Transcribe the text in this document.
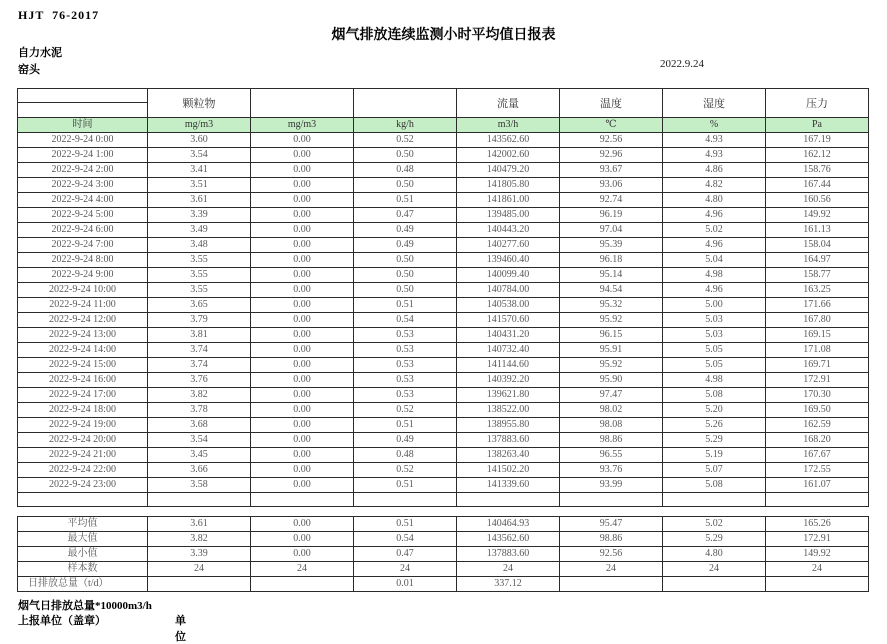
HJT  76-2017
烟气排放连续监测小时平均值日报表
自力水泥
窑头	2022.9.24
	颗粒物			流量	温度	湿度	压力
时间	mg/m3	mg/m3	kg/h	m3/h	℃	%	Pa
2022-9-24 0:00	3.60	0.00	0.52	143562.60	92.56	4.93	167.19
2022-9-24 1:00	3.54	0.00	0.50	142002.60	92.96	4.93	162.12
2022-9-24 2:00	3.41	0.00	0.48	140479.20	93.67	4.86	158.76
2022-9-24 3:00	3.51	0.00	0.50	141805.80	93.06	4.82	167.44
2022-9-24 4:00	3.61	0.00	0.51	141861.00	92.74	4.80	160.56
2022-9-24 5:00	3.39	0.00	0.47	139485.00	96.19	4.96	149.92
2022-9-24 6:00	3.49	0.00	0.49	140443.20	97.04	5.02	161.13
2022-9-24 7:00	3.48	0.00	0.49	140277.60	95.39	4.96	158.04
2022-9-24 8:00	3.55	0.00	0.50	139460.40	96.18	5.04	164.97
2022-9-24 9:00	3.55	0.00	0.50	140099.40	95.14	4.98	158.77
2022-9-24 10:00	3.55	0.00	0.50	140784.00	94.54	4.96	163.25
2022-9-24 11:00	3.65	0.00	0.51	140538.00	95.32	5.00	171.66
2022-9-24 12:00	3.79	0.00	0.54	141570.60	95.92	5.03	167.80
2022-9-24 13:00	3.81	0.00	0.53	140431.20	96.15	5.03	169.15
2022-9-24 14:00	3.74	0.00	0.53	140732.40	95.91	5.05	171.08
2022-9-24 15:00	3.74	0.00	0.53	141144.60	95.92	5.05	169.71
2022-9-24 16:00	3.76	0.00	0.53	140392.20	95.90	4.98	172.91
2022-9-24 17:00	3.82	0.00	0.53	139621.80	97.47	5.08	170.30
2022-9-24 18:00	3.78	0.00	0.52	138522.00	98.02	5.20	169.50
2022-9-24 19:00	3.68	0.00	0.51	138955.80	98.08	5.26	162.59
2022-9-24 20:00	3.54	0.00	0.49	137883.60	98.86	5.29	168.20
2022-9-24 21:00	3.45	0.00	0.48	138263.40	96.55	5.19	167.67
2022-9-24 22:00	3.66	0.00	0.52	141502.20	93.76	5.07	172.55
2022-9-24 23:00	3.58	0.00	0.51	141339.60	93.99	5.08	161.07

平均值	3.61	0.00	0.51	140464.93	95.47	5.02	165.26
最大值	3.82	0.00	0.54	143562.60	98.86	5.29	172.91
最小值	3.39	0.00	0.47	137883.60	92.56	4.80	149.92
样本数	24	24	24	24	24	24	24
日排放总量（t/d）			0.01	337.12			
烟气日排放总量*10000m3/h
上报单位（盖章）	单位
